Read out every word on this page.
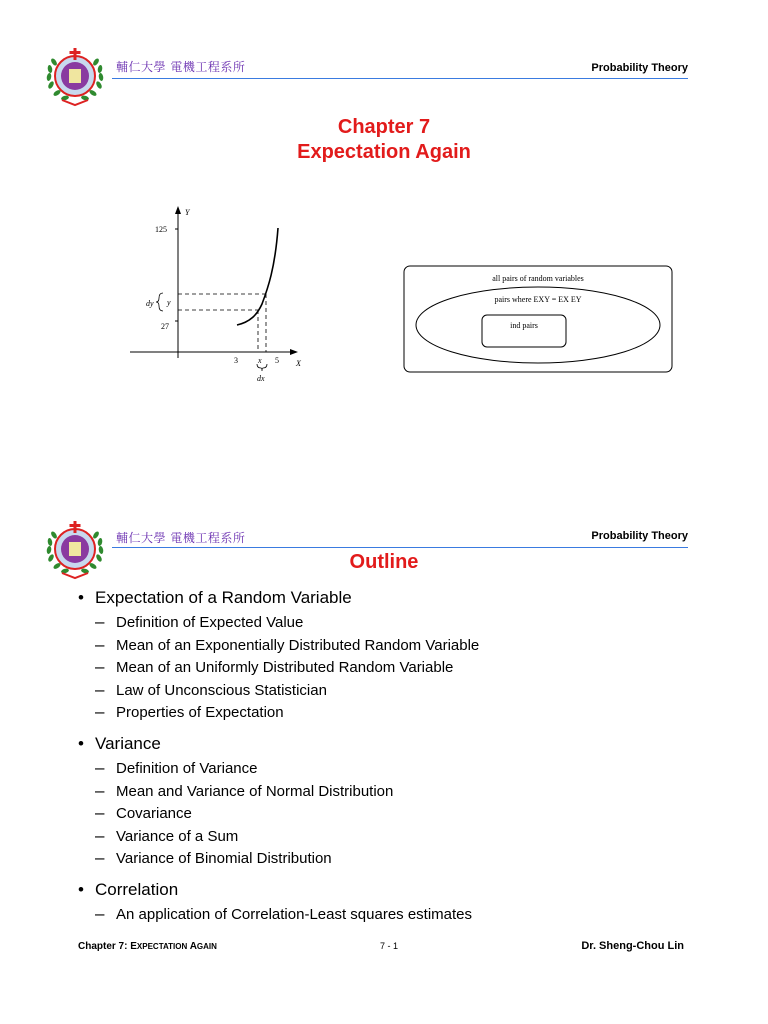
輔仁大學 電機工程系所	Probability Theory
Chapter 7
Expectation Again
Y
X
125
27
3	x 5
dy y
dx
all pairs of random variables
pairs where EXY = EX EY
ind pairs
輔仁大學 電機工程系所	Probability Theory
Outline
• Expectation of a Random Variable
– Definition of Expected Value
– Mean of an Exponentially Distributed Random Variable
– Mean of an Uniformly Distributed Random Variable
– Law of Unconscious Statistician
– Properties of Expectation
• Variance
– Definition of Variance
– Mean and Variance of Normal Distribution
– Covariance
– Variance of a Sum
– Variance of Binomial Distribution
• Correlation
– An application of Correlation-Least squares estimates
Chapter 7: EXPECTATION AGAIN	7 - 1	Dr. Sheng-Chou Lin
